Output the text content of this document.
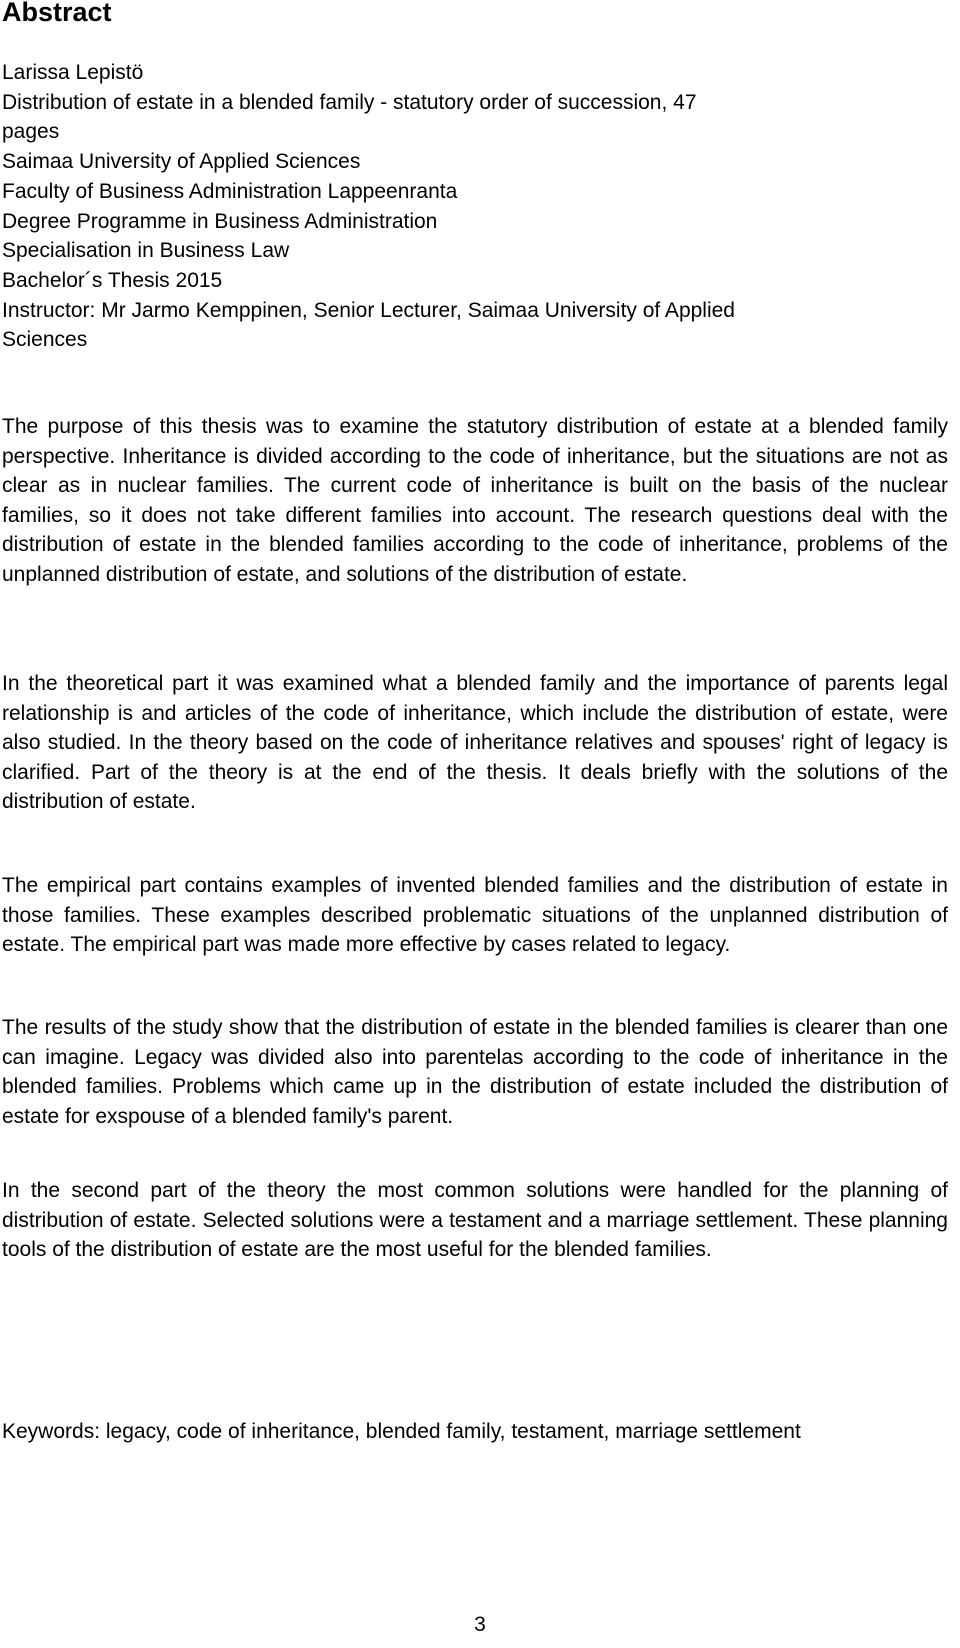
Abstract
Larissa Lepistö
Distribution of estate in a blended family - statutory order of succession, 47
pages
Saimaa University of Applied Sciences
Faculty of Business Administration Lappeenranta
Degree Programme in Business Administration
Specialisation in Business Law
Bachelor´s Thesis 2015
Instructor: Mr Jarmo Kemppinen, Senior Lecturer, Saimaa University of Applied
Sciences

The purpose of this thesis was to examine the statutory distribution of estate at a blended family perspective. Inheritance is divided according to the code of inheritance, but the situations are not as clear as in nuclear families. The current code of inheritance is built on the basis of the nuclear families, so it does not take different families into account. The research questions deal with the distribution of estate in the blended families according to the code of inheritance, problems of the unplanned distribution of estate, and solutions of the distribution of estate.

In the theoretical part it was examined what a blended family and the importance of parents legal relationship is and articles of the code of inheritance, which include the distribution of estate, were also studied. In the theory based on the code of inheritance relatives and spouses' right of legacy is clarified. Part of the theory is at the end of the thesis. It deals briefly with the solutions of the distribution of estate.

The empirical part contains examples of invented blended families and the distribution of estate in those families. These examples described problematic situations of the unplanned distribution of estate. The empirical part was made more effective by cases related to legacy.

The results of the study show that the distribution of estate in the blended families is clearer than one can imagine. Legacy was divided also into parentelas according to the code of inheritance in the blended families. Problems which came up in the distribution of estate included the distribution of estate for exspouse of a blended family's parent.

In the second part of the theory the most common solutions were handled for the planning of distribution of estate. Selected solutions were a testament and a marriage settlement. These planning tools of the distribution of estate are the most useful for the blended families.

Keywords: legacy, code of inheritance, blended family, testament, marriage settlement

3
